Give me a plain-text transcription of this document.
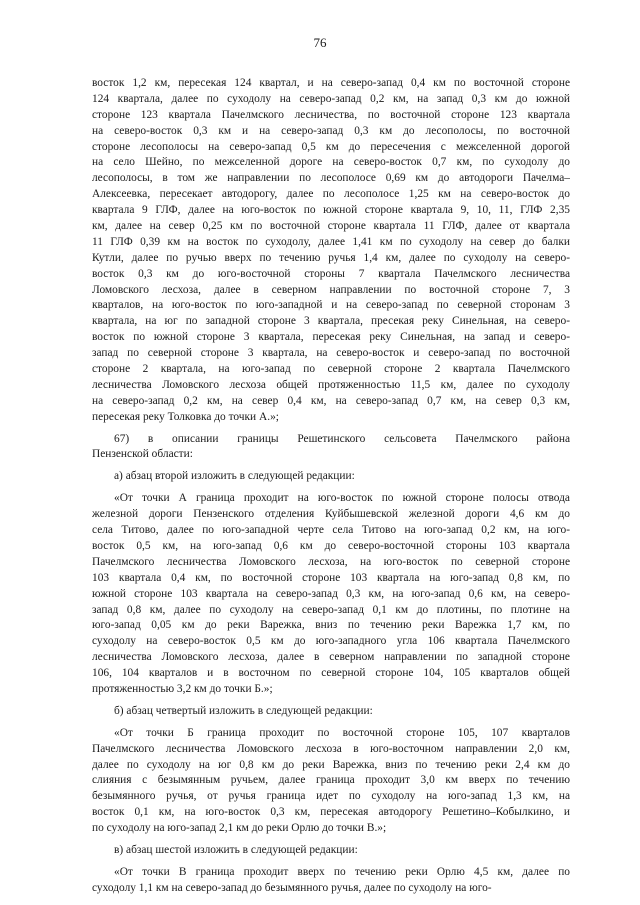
76
восток 1,2 км, пересекая 124 квартал, и на северо-запад 0,4 км по восточной стороне
124 квартала, далее по суходолу на северо-запад 0,2 км, на запад 0,3 км до южной
стороне 123 квартала Пачелмского лесничества, по восточной стороне 123 квартала
на северо-восток 0,3 км и на северо-запад 0,3 км до лесополосы, по восточной
стороне лесополосы на северо-запад 0,5 км до пересечения с межселенной дорогой
на село Шейно, по межселенной дороге на северо-восток 0,7 км, по суходолу до
лесополосы, в том же направлении по лесополосе 0,69 км до автодороги Пачелма–
Алексеевка, пересекает автодорогу, далее по лесополосе 1,25 км на северо-восток до
квартала 9 ГЛФ, далее на юго-восток по южной стороне квартала 9, 10, 11, ГЛФ 2,35
км, далее на север 0,25 км по восточной стороне квартала 11 ГЛФ, далее от квартала
11 ГЛФ 0,39 км на восток по суходолу, далее 1,41 км по суходолу на север до балки
Кутли, далее по ручью вверх по течению ручья 1,4 км, далее по суходолу на северо-
восток 0,3 км до юго-восточной стороны 7 квартала Пачелмского лесничества
Ломовского лесхоза, далее в северном направлении по восточной стороне 7, 3
кварталов, на юго-восток по юго-западной и на северо-запад по северной сторонам 3
квартала, на юг по западной стороне 3 квартала, пресекая реку Синельная, на северо-
восток по южной стороне 3 квартала, пересекая реку Синельная, на запад и северо-
запад по северной стороне 3 квартала, на северо-восток и северо-запад по восточной
стороне 2 квартала, на юго-запад по северной стороне 2 квартала Пачелмского
лесничества Ломовского лесхоза общей протяженностью 11,5 км, далее по суходолу
на северо-запад 0,2 км, на север 0,4 км, на северо-запад 0,7 км, на север 0,3 км,
пересекая реку Толковка до точки А.»;
67) в описании границы Решетинского сельсовета Пачелмского района
Пензенской области:
а) абзац второй изложить в следующей редакции:
«От точки А граница проходит на юго-восток по южной стороне полосы отвода
железной дороги Пензенского отделения Куйбышевской железной дороги 4,6 км до
села Титово, далее по юго-западной черте села Титово на юго-запад 0,2 км, на юго-
восток 0,5 км, на юго-запад 0,6 км до северо-восточной стороны 103 квартала
Пачелмского лесничества Ломовского лесхоза, на юго-восток по северной стороне
103 квартала 0,4 км, по восточной стороне 103 квартала на юго-запад 0,8 км, по
южной стороне 103 квартала на северо-запад 0,3 км, на юго-запад 0,6 км, на северо-
запад 0,8 км, далее по суходолу на северо-запад 0,1 км до плотины, по плотине на
юго-запад 0,05 км до реки Варежка, вниз по течению реки Варежка 1,7 км, по
суходолу на северо-восток 0,5 км до юго-западного угла 106 квартала Пачелмского
лесничества Ломовского лесхоза, далее в северном направлении по западной стороне
106, 104 кварталов и в восточном по северной стороне 104, 105 кварталов общей
протяженностью 3,2 км до точки Б.»;
б) абзац четвертый изложить в следующей редакции:
«От точки Б граница проходит по восточной стороне 105, 107 кварталов
Пачелмского лесничества Ломовского лесхоза в юго-восточном направлении 2,0 км,
далее по суходолу на юг 0,8 км до реки Варежка, вниз по течению реки 2,4 км до
слияния с безымянным ручьем, далее граница проходит 3,0 км вверх по течению
безымянного ручья, от ручья граница идет по суходолу на юго-запад 1,3 км, на
восток 0,1 км, на юго-восток 0,3 км, пересекая автодорогу Решетино–Кобылкино, и
по суходолу на юго-запад 2,1 км до реки Орлю до точки В.»;
в) абзац шестой изложить в следующей редакции:
«От точки В граница проходит вверх по течению реки Орлю 4,5 км, далее по
суходолу 1,1 км на северо-запад до безымянного ручья, далее по суходолу на юго-
